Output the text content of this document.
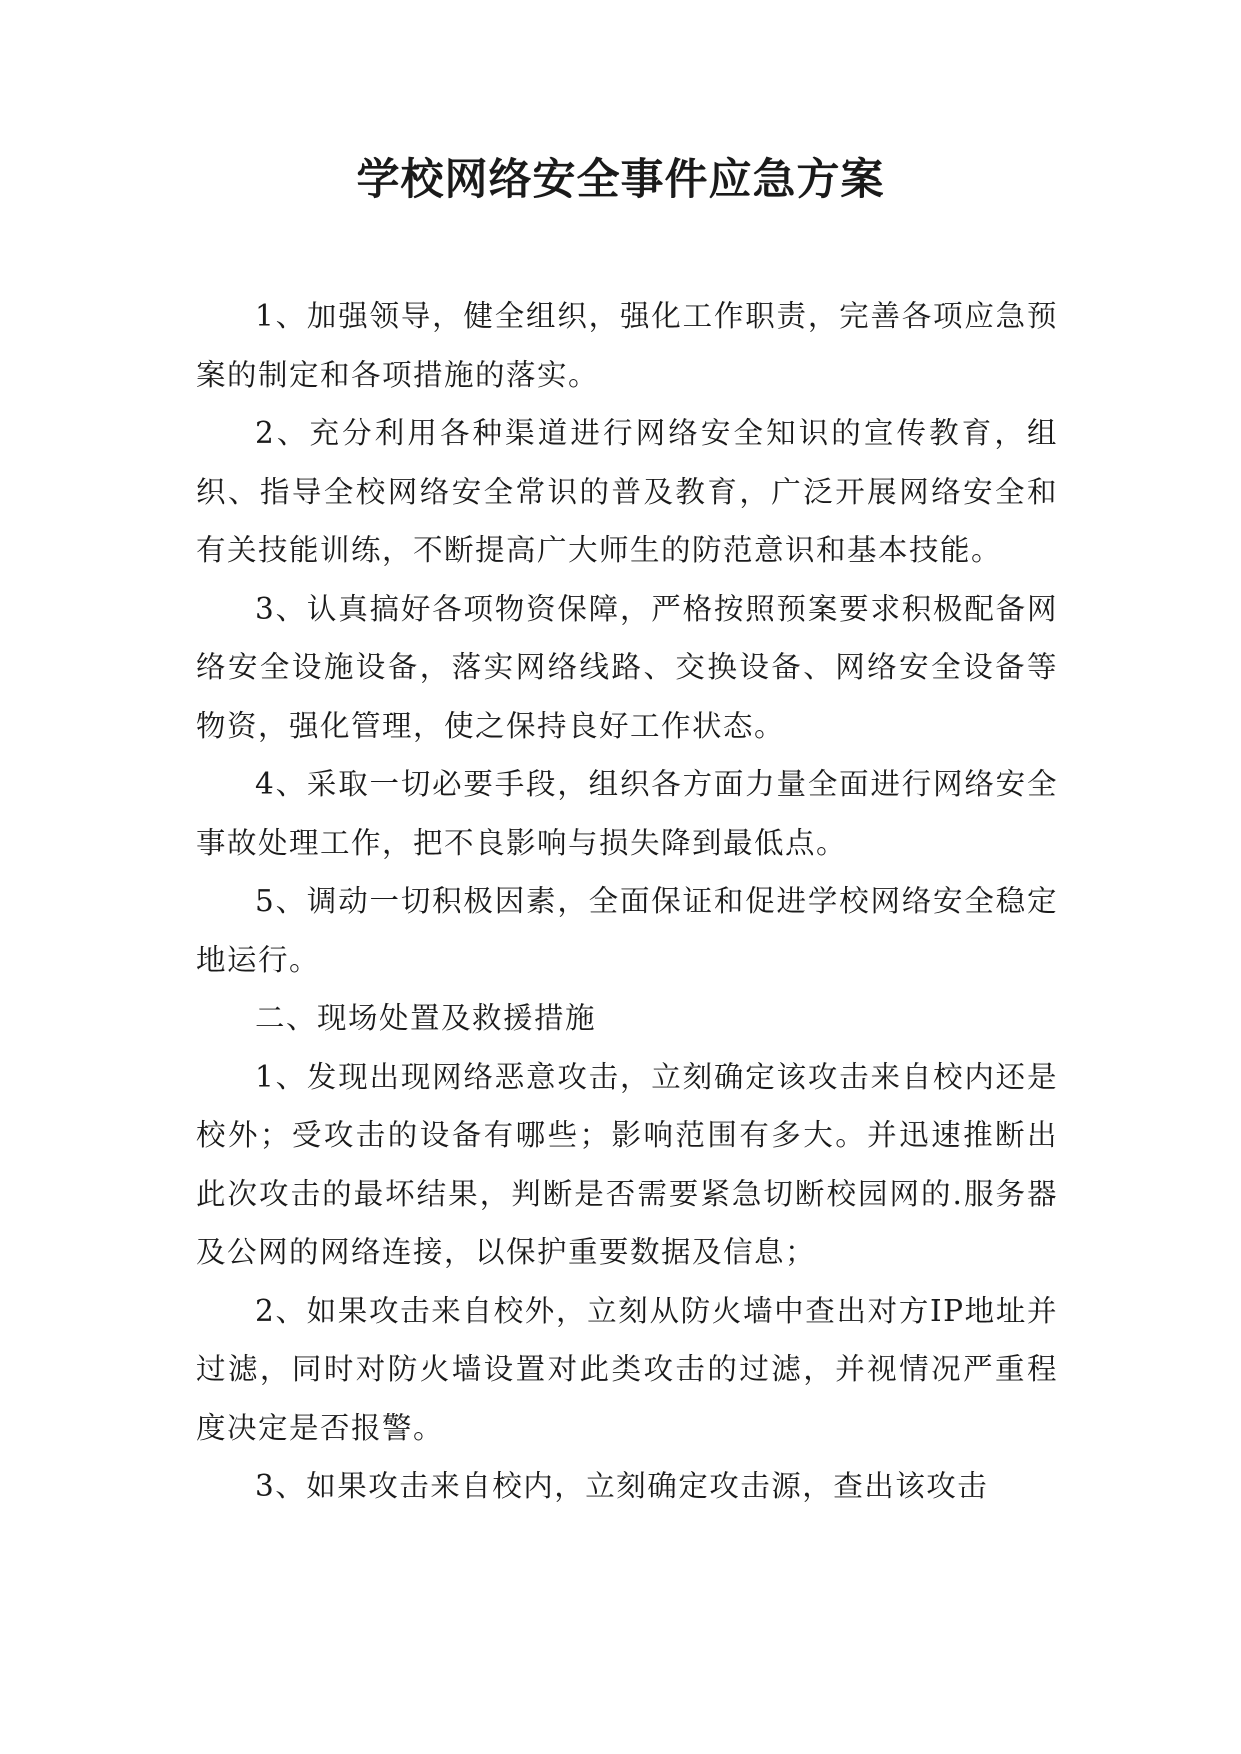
学校网络安全事件应急方案

1、加强领导，健全组织，强化工作职责，完善各项应急预案的制定和各项措施的落实。

2、充分利用各种渠道进行网络安全知识的宣传教育，组织、指导全校网络安全常识的普及教育，广泛开展网络安全和有关技能训练，不断提高广大师生的防范意识和基本技能。

3、认真搞好各项物资保障，严格按照预案要求积极配备网络安全设施设备，落实网络线路、交换设备、网络安全设备等物资，强化管理，使之保持良好工作状态。

4、采取一切必要手段，组织各方面力量全面进行网络安全事故处理工作，把不良影响与损失降到最低点。

5、调动一切积极因素，全面保证和促进学校网络安全稳定地运行。

二、现场处置及救援措施

1、发现出现网络恶意攻击，立刻确定该攻击来自校内还是校外；受攻击的设备有哪些；影响范围有多大。并迅速推断出此次攻击的最坏结果，判断是否需要紧急切断校园网的.服务器及公网的网络连接，以保护重要数据及信息；

2、如果攻击来自校外，立刻从防火墙中查出对方IP地址并过滤，同时对防火墙设置对此类攻击的过滤，并视情况严重程度决定是否报警。

3、如果攻击来自校内，立刻确定攻击源，查出该攻击
